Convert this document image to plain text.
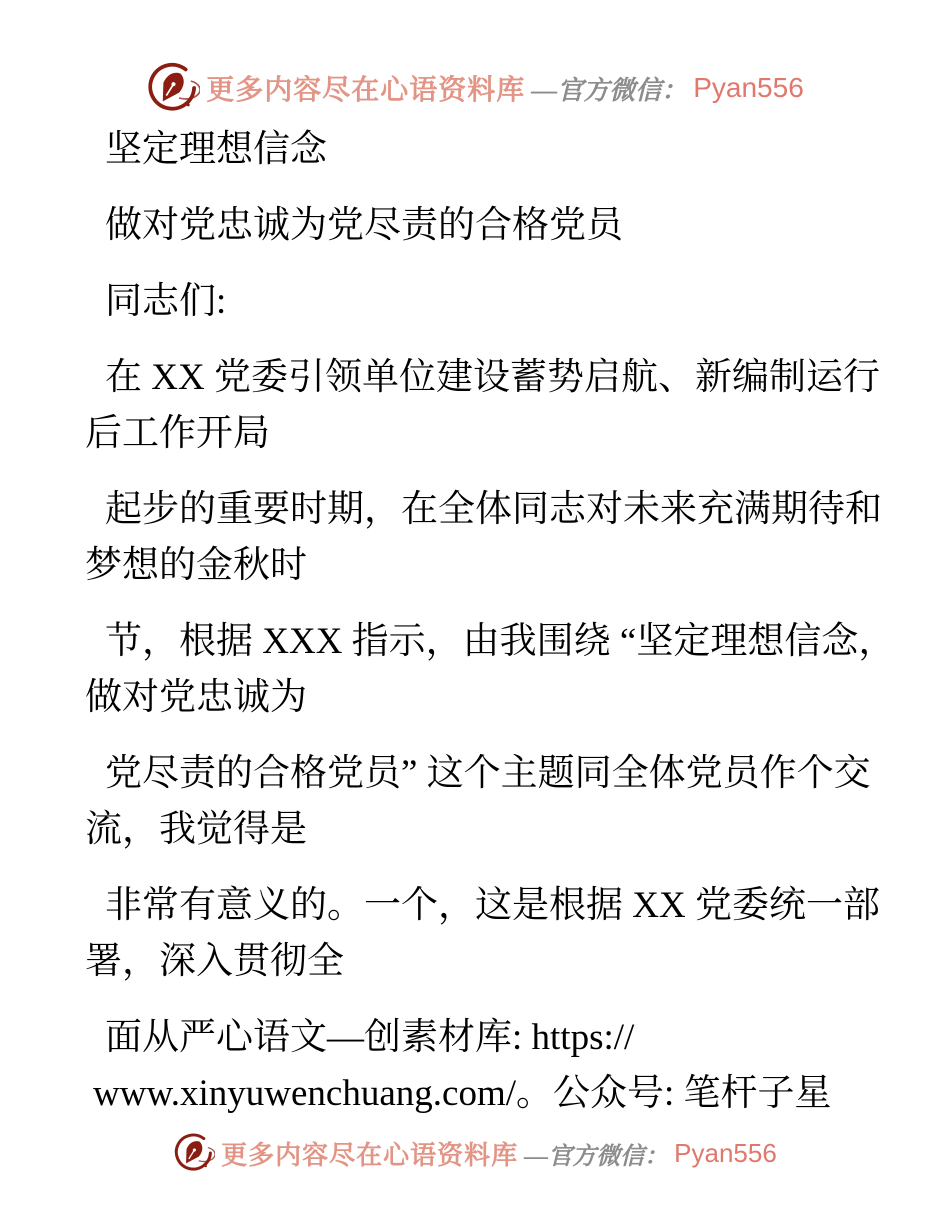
更多内容尽在心语资料库 —官方微信： Pyan556
坚定理想信念
做对党忠诚为党尽责的合格党员
同志们:
在 XX 党委引领单位建设蓄势启航、新编制运行
后工作开局
起步的重要时期，在全体同志对未来充满期待和
梦想的金秋时
节，根据 XXX 指示，由我围绕 “坚定理想信念，
做对党忠诚为
党尽责的合格党员” 这个主题同全体党员作个交
流，我觉得是
非常有意义的。一个，这是根据 XX 党委统一部
署，深入贯彻全
面从严心语文—创素材库: https://
www.xinyuwenchuang.com/。公众号: 笔杆子星
更多内容尽在心语资料库 —官方微信： Pyan556
